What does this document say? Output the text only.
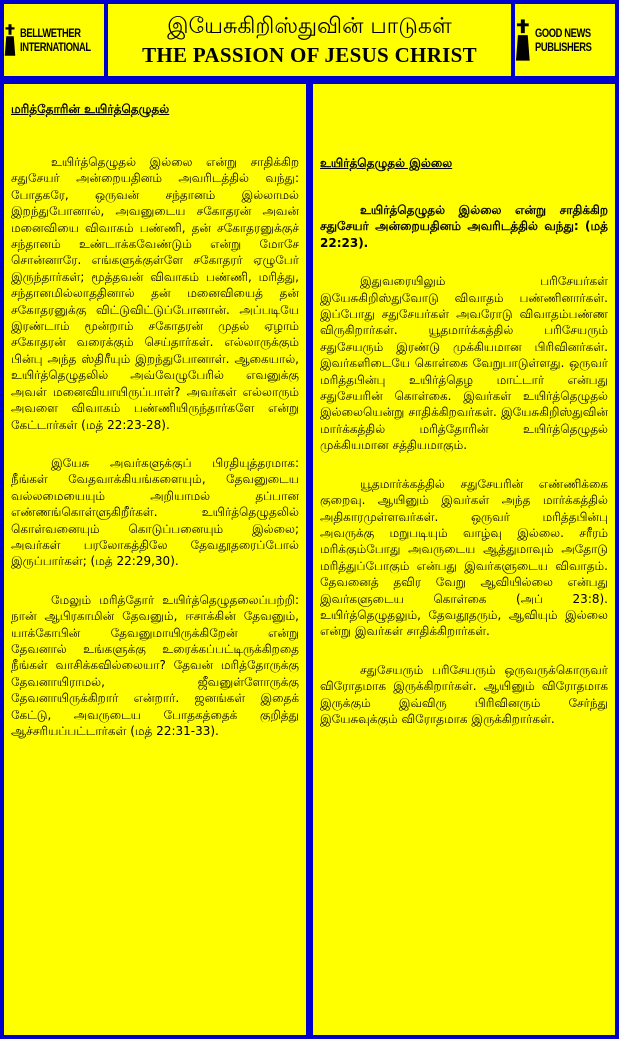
BELLWETHER
INTERNATIONAL
இயேசுகிறிஸ்துவின் பாடுகள்
THE PASSION OF JESUS CHRIST
GOOD NEWS
PUBLISHERS
மரித்தோரின் உயிர்த்தெழுதல்

உயிர்த்தெழுதல் இல்லை என்று சாதிக்கிற சதுசேயர் அன்றையதினம் அவரிடத்தில் வந்து: போதகரே, ஒருவன் சந்தானம் இல்லாமல் இறந்துபோனால், அவனுடைய சகோதரன் அவன் மனைவியை விவாகம் பண்ணி, தன் சகோதரனுக்குச் சந்தானம் உண்டாக்கவேண்டும் என்று மோசே சொன்னாரே. எங்களுக்குள்ளே சகோதரர் ஏழுபேர் இருந்தார்கள்; மூத்தவன் விவாகம் பண்ணி, மரித்து, சந்தானமில்லாததினால் தன் மனைவியைத் தன் சகோதரனுக்கு விட்டுவிட்டுப்போனான். அப்படியே இரண்டாம் மூன்றாம் சகோதரன் முதல் ஏழாம் சகோதரன் வரைக்கும் செய்தார்கள். எல்லாருக்கும் பின்பு அந்த ஸ்திரீயும் இறந்துபோனாள். ஆகையால், உயிர்த்தெழுதலில் அவ்வேழுபேரில் எவனுக்கு அவள் மனைவியாயிருப்பாள்? அவர்கள் எல்லாரும் அவளை விவாகம் பண்ணியிருந்தார்களே என்று கேட்டார்கள் (மத் 22:23-28).

இயேசு அவர்களுக்குப் பிரதியுத்தரமாக: நீங்கள் வேதவாக்கியங்களையும், தேவனுடைய வல்லமையையும் அறியாமல் தப்பான எண்ணங்கொள்ளுகிறீர்கள். உயிர்த்தெழுதலில் கொள்வனையும் கொடுப்பனையும் இல்லை; அவர்கள் பரலோகத்திலே தேவதூதரைப்போல் இருப்பார்கள்; (மத் 22:29,30).

மேலும் மரித்தோர் உயிர்த்தெழுதலைப்பற்றி: நான் ஆபிரகாமின் தேவனும், ஈசாக்கின் தேவனும், யாக்கோபின் தேவனுமாயிருக்கிறேன் என்று தேவனால் உங்களுக்கு உரைக்கப்பட்டிருக்கிறதை நீங்கள் வாசிக்கவில்லையா? தேவன் மரித்தோருக்கு தேவனாயிராமல், ஜீவனுள்ளோருக்கு தேவனாயிருக்கிறார் என்றார். ஜனங்கள் இதைக் கேட்டு, அவருடைய போதகத்தைக் குறித்து ஆச்சரியப்பட்டார்கள் (மத் 22:31-33).

உயிர்த்தெழுதல் இல்லை

உயிர்த்தெழுதல் இல்லை என்று சாதிக்கிற சதுசேயர் அன்றையதினம் அவரிடத்தில் வந்து: (மத் 22:23).

இதுவரையிலும் பரிசேயர்கள் இயேசுகிறிஸ்துவோடு விவாதம் பண்ணினார்கள். இப்போது சதுசேயர்கள் அவரோடு விவாதம்பண்ண விருகிறார்கள். யூதமார்க்கத்தில் பரிசேயரும் சதுசேயரும் இரண்டு முக்கியமான பிரிவினர்கள். இவர்களிடையே கொள்கை வேறுபாடுள்ளது. ஒருவர் மரித்தபின்பு உயிர்த்தெழ மாட்டார் என்பது சதுசேயரின் கொள்கை. இவர்கள் உயிர்த்தெழுதல் இல்லையென்று சாதிக்கிறவர்கள். இயேசுகிறிஸ்துவின் மார்க்கத்தில் மரித்தோரின் உயிர்த்தெழுதல் முக்கியமான சத்தியமாகும்.

யூதமார்க்கத்தில் சதுசேயரின் எண்ணிக்கை குறைவு. ஆயினும் இவர்கள் அந்த மார்க்கத்தில் அதிகாரமுள்ளவர்கள். ஒருவர் மரித்தபின்பு அவருக்கு மறுபடியும் வாழ்வு இல்லை. சரீரம் மரிக்கும்போது அவருடைய ஆத்துமாவும் அதோடு மரித்துப்போகும் என்பது இவர்களுடைய விவாதம். தேவனைத் தவிர வேறு ஆவியில்லை என்பது இவர்களுடைய கொள்கை (அப் 23:8). உயிர்த்தெழுதலும், தேவதூதரும், ஆவியும் இல்லை என்று இவர்கள் சாதிக்கிறார்கள்.

சதுசேயரும் பரிசேயரும் ஒருவருக்கொருவர் விரோதமாக இருக்கிறார்கள். ஆயினும் விரோதமாக இருக்கும் இவ்விரு பிரிவினரும் சேர்ந்து இயேசுவுக்கும் விரோதமாக இருக்கிறார்கள்.
